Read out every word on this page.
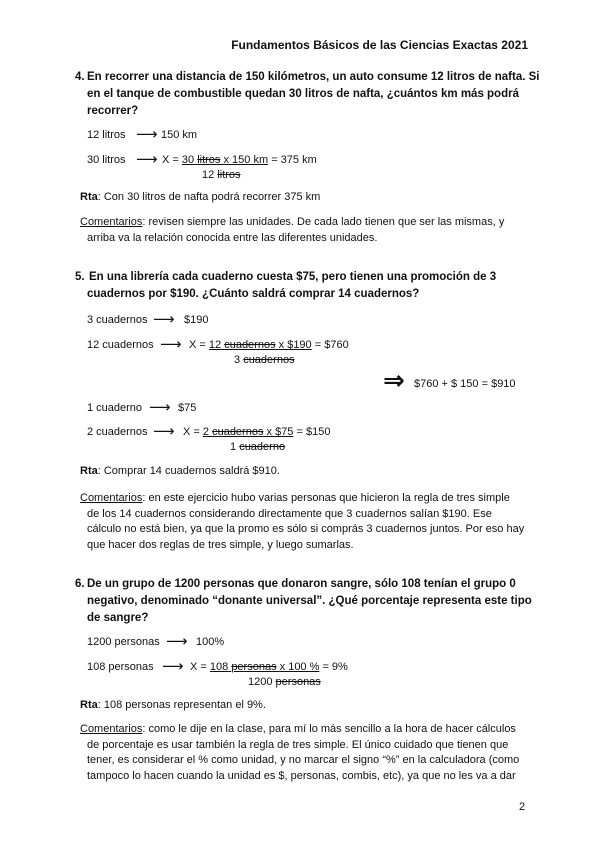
Fundamentos Básicos de las Ciencias Exactas 2021
4. En recorrer una distancia de 150 kilómetros, un auto consume 12 litros de nafta. Si
en el tanque de combustible quedan 30 litros de nafta, ¿cuántos km más podrá
recorrer?
12 litros ⟶ 150 km
30 litros ⟶ X = 30 litros x 150 km = 375 km
12 litros
Rta: Con 30 litros de nafta podrá recorrer 375 km
Comentarios: revisen siempre las unidades. De cada lado tienen que ser las mismas, y
arriba va la relación conocida entre las diferentes unidades.
5. En una librería cada cuaderno cuesta $75, pero tienen una promoción de 3
cuadernos por $190. ¿Cuánto saldrá comprar 14 cuadernos?
3 cuadernos ⟶ $190
12 cuadernos ⟶ X = 12 cuadernos x $190 = $760
3 cuadernos
⇒ $760 + $ 150 = $910
1 cuaderno ⟶ $75
2 cuadernos ⟶ X = 2 cuadernos x $75 = $150
1 cuaderno
Rta: Comprar 14 cuadernos saldrá $910.
Comentarios: en este ejercicio hubo varias personas que hicieron la regla de tres simple
de los 14 cuadernos considerando directamente que 3 cuadernos salían $190. Ese
cálculo no está bien, ya que la promo es sólo si comprás 3 cuadernos juntos. Por eso hay
que hacer dos reglas de tres simple, y luego sumarlas.
6. De un grupo de 1200 personas que donaron sangre, sólo 108 tenían el grupo 0
negativo, denominado “donante universal”. ¿Qué porcentaje representa este tipo
de sangre?
1200 personas ⟶ 100%
108 personas ⟶ X = 108 personas x 100 % = 9%
1200 personas
Rta: 108 personas representan el 9%.
Comentarios: como le dije en la clase, para mí lo más sencillo a la hora de hacer cálculos
de porcentaje es usar también la regla de tres simple. El único cuidado que tienen que
tener, es considerar el % como unidad, y no marcar el signo “%” en la calculadora (como
tampoco lo hacen cuando la unidad es $, personas, combis, etc), ya que no les va a dar
2
